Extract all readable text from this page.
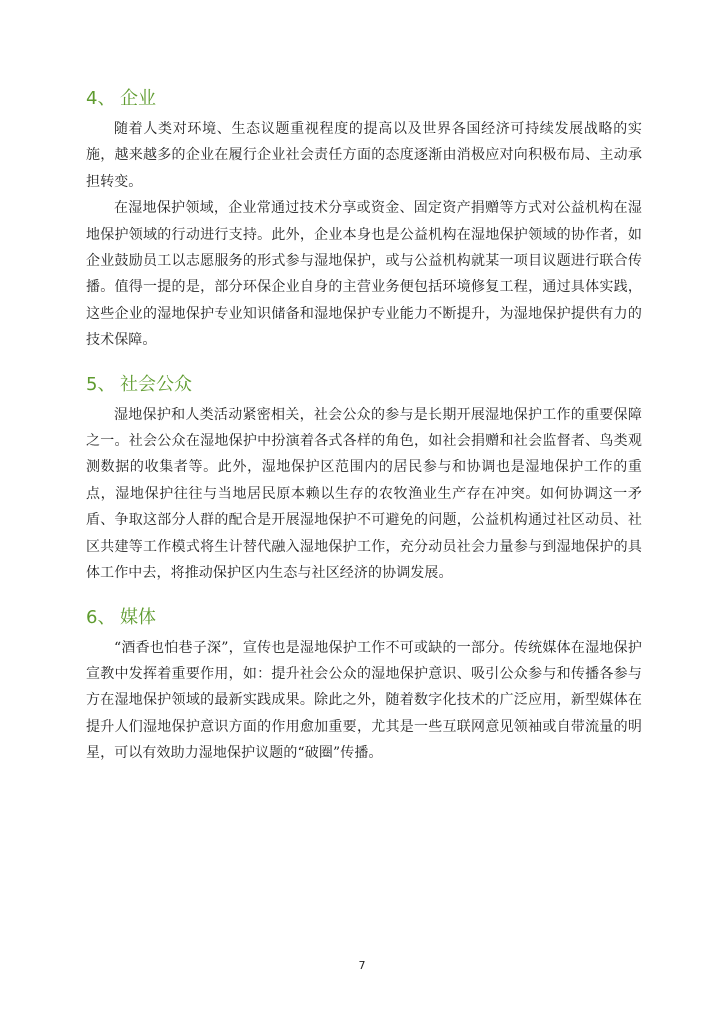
4、 企业

随着人类对环境、生态议题重视程度的提高以及世界各国经济可持续发展战略的实施，越来越多的企业在履行企业社会责任方面的态度逐渐由消极应对向积极布局、主动承担转变。

在湿地保护领域，企业常通过技术分享或资金、固定资产捐赠等方式对公益机构在湿地保护领域的行动进行支持。此外，企业本身也是公益机构在湿地保护领域的协作者，如企业鼓励员工以志愿服务的形式参与湿地保护，或与公益机构就某一项目议题进行联合传播。值得一提的是，部分环保企业自身的主营业务便包括环境修复工程，通过具体实践，这些企业的湿地保护专业知识储备和湿地保护专业能力不断提升，为湿地保护提供有力的技术保障。

5、 社会公众

湿地保护和人类活动紧密相关，社会公众的参与是长期开展湿地保护工作的重要保障之一。社会公众在湿地保护中扮演着各式各样的角色，如社会捐赠和社会监督者、鸟类观测数据的收集者等。此外，湿地保护区范围内的居民参与和协调也是湿地保护工作的重点，湿地保护往往与当地居民原本赖以生存的农牧渔业生产存在冲突。如何协调这一矛盾、争取这部分人群的配合是开展湿地保护不可避免的问题，公益机构通过社区动员、社区共建等工作模式将生计替代融入湿地保护工作，充分动员社会力量参与到湿地保护的具体工作中去，将推动保护区内生态与社区经济的协调发展。

6、 媒体

“酒香也怕巷子深”，宣传也是湿地保护工作不可或缺的一部分。传统媒体在湿地保护宣教中发挥着重要作用，如：提升社会公众的湿地保护意识、吸引公众参与和传播各参与方在湿地保护领域的最新实践成果。除此之外，随着数字化技术的广泛应用，新型媒体在提升人们湿地保护意识方面的作用愈加重要，尤其是一些互联网意见领袖或自带流量的明星，可以有效助力湿地保护议题的“破圈”传播。

7
